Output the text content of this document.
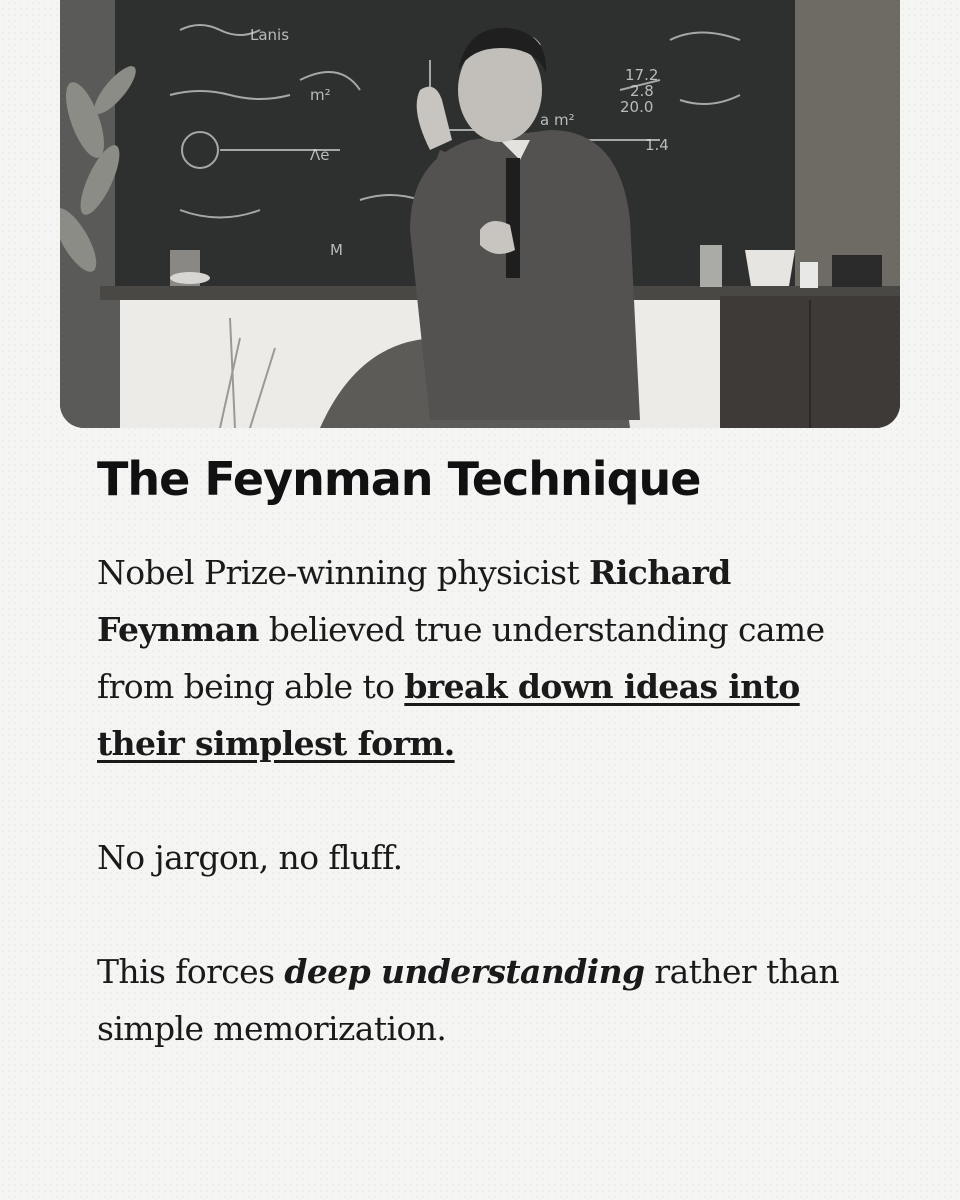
Lanis
17.2
2.8
20.0
m²
Λe
a m²
M
1.4
The Feynman Technique

Nobel Prize-winning physicist Richard Feynman believed true understanding came from being able to break down ideas into their simplest form.

No jargon, no fluff.

This forces deep understanding rather than simple memorization.
